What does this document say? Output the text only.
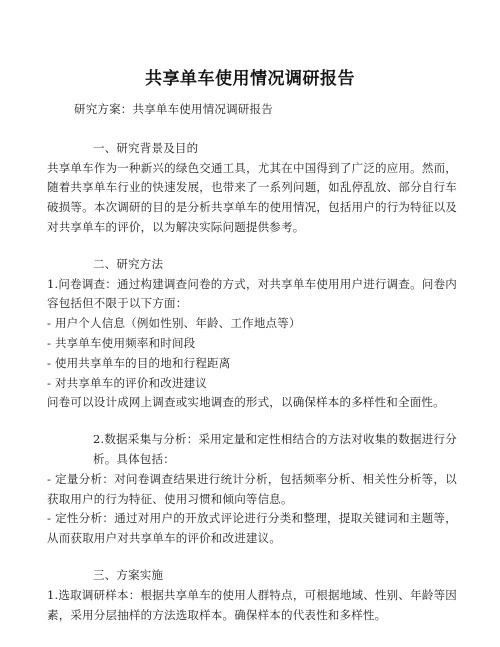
共享单车使用情况调研报告

研究方案：共享单车使用情况调研报告

一、研究背景及目的

共享单车作为一种新兴的绿色交通工具，尤其在中国得到了广泛的应用。然而，随着共享单车行业的快速发展，也带来了一系列问题，如乱停乱放、部分自行车破损等。本次调研的目的是分析共享单车的使用情况，包括用户的行为特征以及对共享单车的评价，以为解决实际问题提供参考。

二、研究方法

1.问卷调查：通过构建调查问卷的方式，对共享单车使用用户进行调查。问卷内容包括但不限于以下方面：

- 用户个人信息（例如性别、年龄、工作地点等）

- 共享单车使用频率和时间段

- 使用共享单车的目的地和行程距离

- 对共享单车的评价和改进建议

问卷可以设计成网上调查或实地调查的形式，以确保样本的多样性和全面性。

2.数据采集与分析：采用定量和定性相结合的方法对收集的数据进行分析。具体包括：

- 定量分析：对问卷调查结果进行统计分析，包括频率分析、相关性分析等，以获取用户的行为特征、使用习惯和倾向等信息。

- 定性分析：通过对用户的开放式评论进行分类和整理，提取关键词和主题等，从而获取用户对共享单车的评价和改进建议。

三、方案实施

1.选取调研样本：根据共享单车的使用人群特点，可根据地域、性别、年龄等因素，采用分层抽样的方法选取样本。确保样本的代表性和多样性。
